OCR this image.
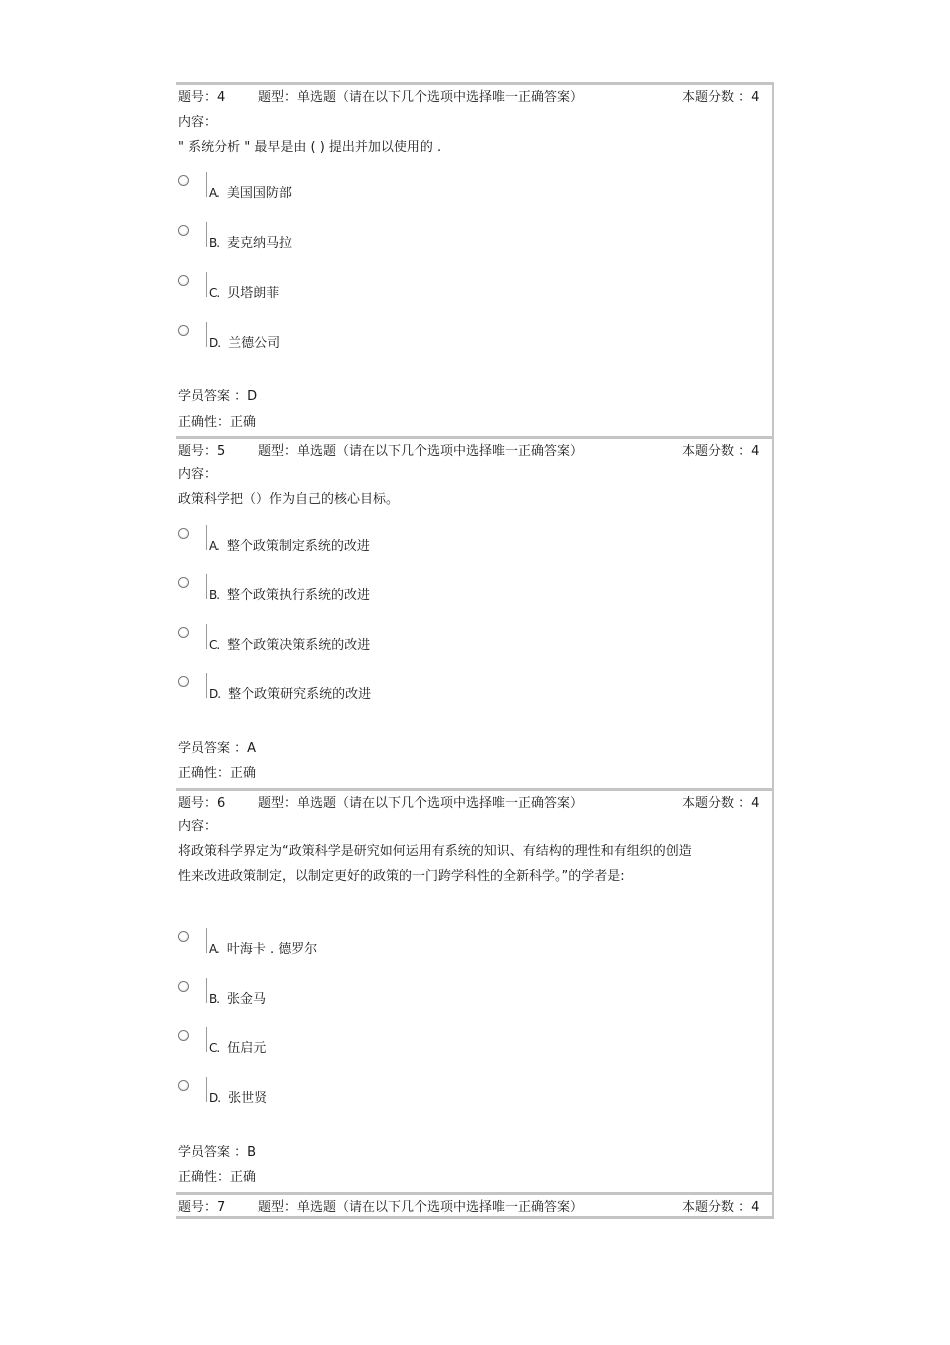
题号：4	题型：单选题（请在以下几个选项中选择唯一正确答案）	本题分数 ：4
内容：
" 系统分析 " 最早是由 ( ) 提出并加以使用的 .
A. 美国国防部
B. 麦克纳马拉
C. 贝塔朗菲
D. 兰德公司
学员答案 ：D
正确性：正确
题号：5	题型：单选题（请在以下几个选项中选择唯一正确答案）	本题分数 ：4
内容：
政策科学把（）作为自己的核心目标。
A. 整个政策制定系统的改进
B. 整个政策执行系统的改进
C. 整个政策决策系统的改进
D. 整个政策研究系统的改进
学员答案 ：A
正确性：正确
题号：6	题型：单选题（请在以下几个选项中选择唯一正确答案）	本题分数 ：4
内容：
将政策科学界定为“政策科学是研究如何运用有系统的知识、有结构的理性和有组织的创造性来改进政策制定，以制定更好的政策的一门跨学科性的全新科学。”的学者是:
A. 叶海卡 . 德罗尔
B. 张金马
C. 伍启元
D. 张世贤
学员答案 ：B
正确性：正确
题号：7	题型：单选题（请在以下几个选项中选择唯一正确答案）	本题分数 ：4
